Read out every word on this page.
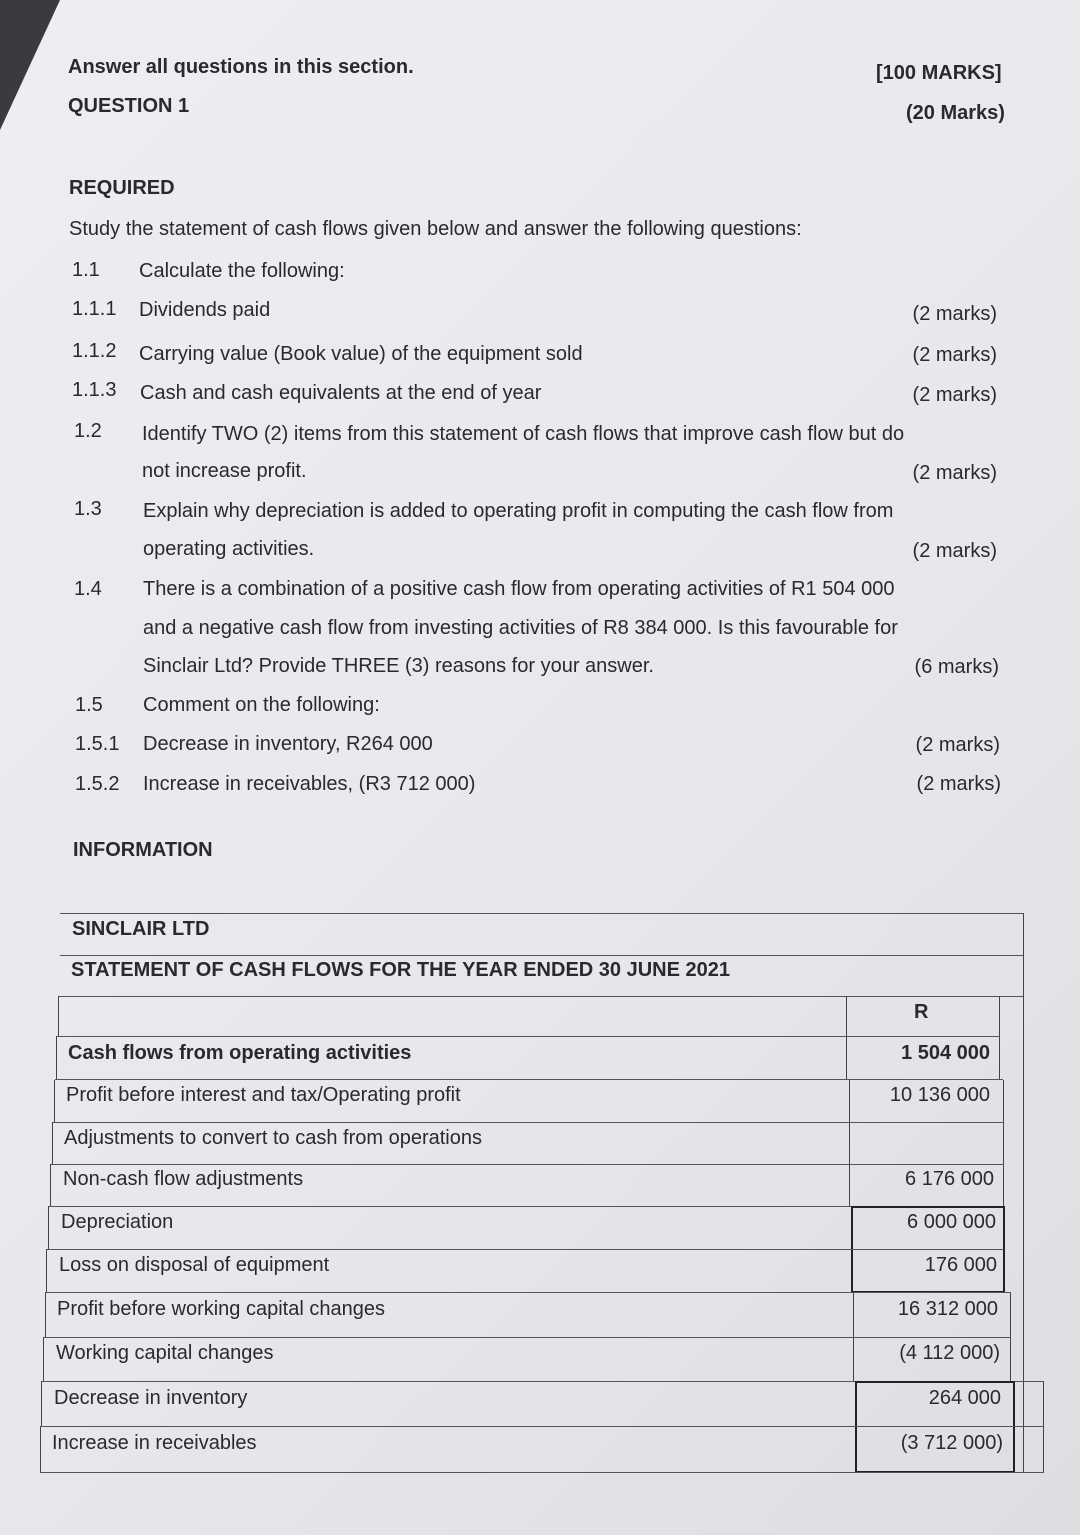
Answer all questions in this section.	[100 MARKS]
QUESTION 1	(20 Marks)
REQUIRED
Study the statement of cash flows given below and answer the following questions:
1.1 Calculate the following:
1.1.1 Dividends paid	(2 marks)
1.1.2 Carrying value (Book value) of the equipment sold	(2 marks)
1.1.3 Cash and cash equivalents at the end of year	(2 marks)
1.2 Identify TWO (2) items from this statement of cash flows that improve cash flow but do
not increase profit.	(2 marks)
1.3 Explain why depreciation is added to operating profit in computing the cash flow from
operating activities.	(2 marks)
1.4 There is a combination of a positive cash flow from operating activities of R1 504 000
and a negative cash flow from investing activities of R8 384 000. Is this favourable for
Sinclair Ltd? Provide THREE (3) reasons for your answer.	(6 marks)
1.5 Comment on the following:
1.5.1 Decrease in inventory, R264 000	(2 marks)
1.5.2 Increase in receivables, (R3 712 000)	(2 marks)
INFORMATION
SINCLAIR LTD
STATEMENT OF CASH FLOWS FOR THE YEAR ENDED 30 JUNE 2021
R
Cash flows from operating activities	1 504 000
Profit before interest and tax/Operating profit	10 136 000
Adjustments to convert to cash from operations
Non-cash flow adjustments	6 176 000
Depreciation	6 000 000
Loss on disposal of equipment	176 000
Profit before working capital changes	16 312 000
Working capital changes	(4 112 000)
Decrease in inventory	264 000
Increase in receivables	(3 712 000)
